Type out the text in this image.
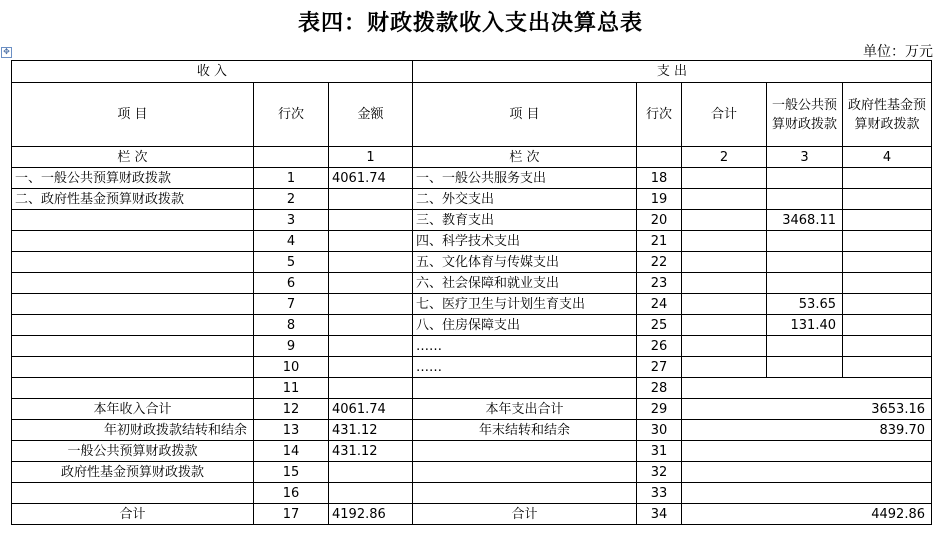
表四：财政拨款收入支出决算总表
单位：万元
✥
收 入			支 出				
项 目	行次	金额	项 目	行次	合计	一般公共预算财政拨款	政府性基金预算财政拨款
栏 次		1	栏 次		2	3	4
一、一般公共预算财政拨款	1	4061.74	一、一般公共服务支出	18			
二、政府性基金预算财政拨款	2		二、外交支出	19			
	3		三、教育支出	20		3468.11	
	4		四、科学技术支出	21			
	5		五、文化体育与传媒支出	22			
	6		六、社会保障和就业支出	23			
	7		七、医疗卫生与计划生育支出	24		53.65	
	8		八、住房保障支出	25		131.40	
	9		……	26			
	10		……	27			
	11			28			
本年收入合计	12	4061.74	本年支出合计	29	3653.16		
年初财政拨款结转和结余	13	431.12	年末结转和结余	30	839.70		
一般公共预算财政拨款	14	431.12		31			
政府性基金预算财政拨款	15			32			
	16			33			
合计	17	4192.86	合计	34	4492.86		
